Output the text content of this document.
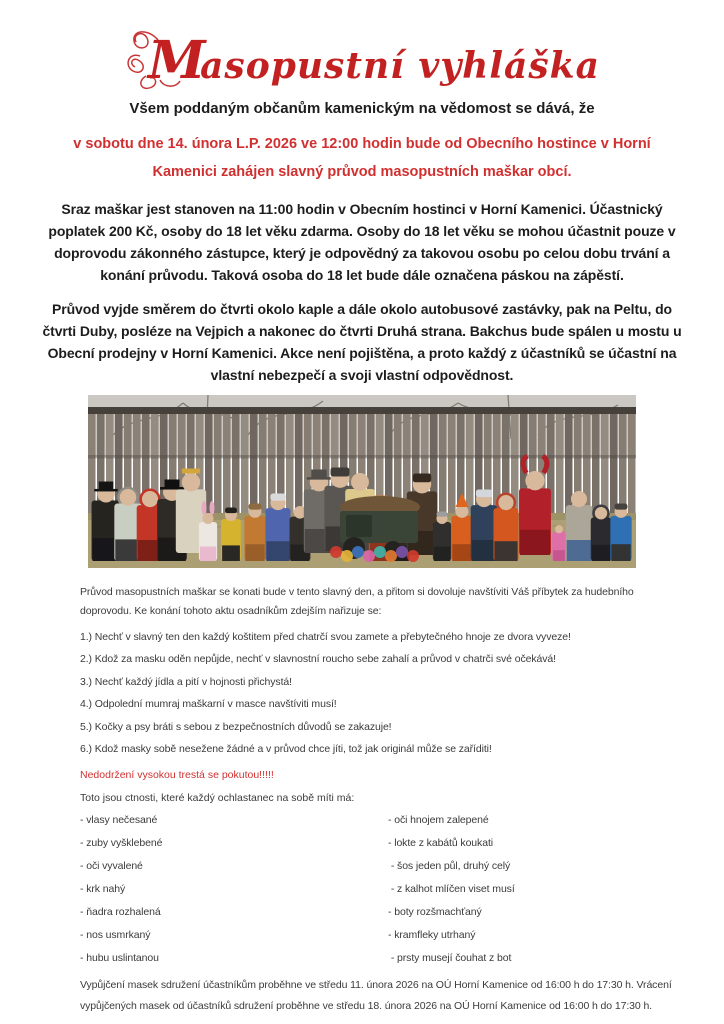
M
asopustní vyhláška

Všem poddaným občanům kamenickým na vědomost se dává, že

v sobotu dne 14. února L.P. 2026 ve 12:00 hodin bude od Obecního hostince v Horní Kamenici zahájen slavný průvod masopustních maškar obcí.

Sraz maškar jest stanoven na 11:00 hodin v Obecním hostinci v Horní Kamenici. Účastnický poplatek 200 Kč, osoby do 18 let věku zdarma. Osoby do 18 let věku se mohou účastnit pouze v doprovodu zákonného zástupce, který je odpovědný za takovou osobu po celou dobu trvání a konání průvodu. Taková osoba do 18 let bude dále označena páskou na zápěstí.

Průvod vyjde směrem do čtvrti okolo kaple a dále okolo autobusové zastávky, pak na Peltu, do čtvrti Duby, posléze na Vejpich a nakonec do čtvrti Druhá strana. Bakchus bude spálen u mostu u Obecní prodejny v Horní Kamenici. Akce není pojištěna, a proto každý z účastníků se účastní na vlastní nebezpečí a svoji vlastní odpovědnost.

Průvod masopustních maškar se konati bude v tento slavný den, a přitom si dovoluje navštíviti Váš příbytek za hudebního doprovodu. Ke konání tohoto aktu osadníkům zdejším nařizuje se:

1.) Nechť v slavný ten den každý koštitem před chatrčí svou zamete a přebytečného hnoje ze dvora vyveze!
2.) Kdož za masku oděn nepůjde, nechť v slavnostní roucho sebe zahalí a průvod v chatrči své očekává!
3.) Nechť každý jídla a pití v hojnosti přichystá!
4.) Odpolední mumraj maškarní v masce navštíviti musí!
5.) Kočky a psy bráti s sebou z bezpečnostních důvodů se zakazuje!
6.) Kdož masky sobě nesežene žádné a v průvod chce jíti, tož jak originál může se zaříditi!

Nedodržení vysokou trestá se pokutou!!!!!

Toto jsou ctnosti, které každý ochlastanec na sobě míti má:

- vlasy nečesané
- zuby vyšklebené
- oči vyvalené
- krk nahý
- ňadra rozhalená
- nos usmrkaný
- hubu uslintanou
- oči hnojem zalepené
- lokte z kabátů koukati
- šos jeden půl, druhý celý
- z kalhot mlíčen viset musí
- boty rozšmachťaný
- kramfleky utrhaný
- prsty musejí čouhat z bot

Vypůjčení masek sdružení účastníkům proběhne ve středu 11. února 2026 na OÚ Horní Kamenice od 16:00 h do 17:30 h. Vrácení vypůjčených masek od účastníků sdružení proběhne ve středu 18. února 2026 na OÚ Horní Kamenice od 16:00 h do 17:30 h.
